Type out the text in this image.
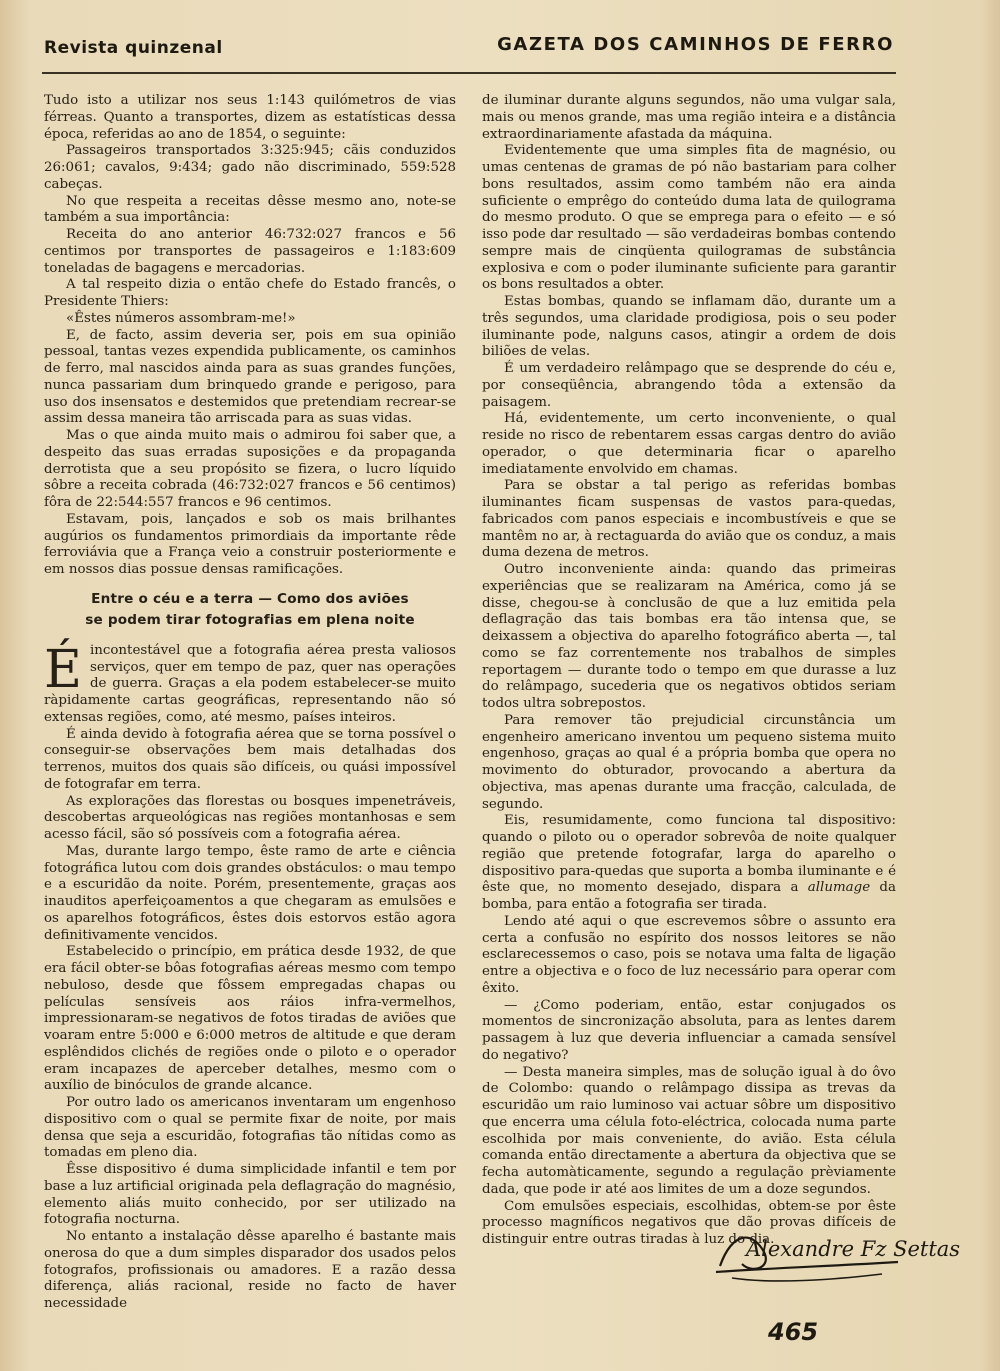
Revista quinzenal	GAZETA DOS CAMINHOS DE FERRO

Tudo isto a utilizar nos seus 1:143 quilómetros de vias férreas. Quanto a transportes, dizem as estatísticas dessa época, referidas ao ano de 1854, o seguinte:

Passageiros transportados 3:325:945; cãis conduzidos 26:061; cavalos, 9:434; gado não discriminado, 559:528 cabeças.

No que respeita a receitas dêsse mesmo ano, note-se também a sua importância:

Receita do ano anterior 46:732:027 francos e 56 centimos por transportes de passageiros e 1:183:609 toneladas de bagagens e mercadorias.

A tal respeito dizia o então chefe do Estado francês, o Presidente Thiers:

«Êstes números assombram-me!»

E, de facto, assim deveria ser, pois em sua opinião pessoal, tantas vezes expendida publicamente, os caminhos de ferro, mal nascidos ainda para as suas grandes funções, nunca passariam dum brinquedo grande e perigoso, para uso dos insensatos e destemidos que pretendiam recrear-se assim dessa maneira tão arriscada para as suas vidas.

Mas o que ainda muito mais o admirou foi saber que, a despeito das suas erradas suposições e da propaganda derrotista que a seu propósito se fizera, o lucro líquido sôbre a receita cobrada (46:732:027 francos e 56 centimos) fôra de 22:544:557 francos e 96 centimos.

Estavam, pois, lançados e sob os mais brilhantes augúrios os fundamentos primordiais da importante rêde ferroviávia que a França veio a construir posteriormente e em nossos dias possue densas ramificações.

Entre o céu e a terra — Como dos aviões
se podem tirar fotografias em plena noite
É incontestável que a fotografia aérea presta valiosos serviços, quer em tempo de paz, quer nas operações de guerra. Graças a ela podem estabelecer-se muito ràpidamente cartas geográficas, representando não só extensas regiões, como, até mesmo, países inteiros.

É ainda devido à fotografia aérea que se torna possível o conseguir-se observações bem mais detalhadas dos terrenos, muitos dos quais são difíceis, ou quási impossível de fotografar em terra.

As explorações das florestas ou bosques impenetráveis, descobertas arqueológicas nas regiões montanhosas e sem acesso fácil, são só possíveis com a fotografia aérea.

Mas, durante largo tempo, êste ramo de arte e ciência fotográfica lutou com dois grandes obstáculos: o mau tempo e a escuridão da noite. Porém, presentemente, graças aos inauditos aperfeiçoamentos a que chegaram as emulsões e os aparelhos fotográficos, êstes dois estorvos estão agora definitivamente vencidos.

Estabelecido o princípio, em prática desde 1932, de que era fácil obter-se bôas fotografias aéreas mesmo com tempo nebuloso, desde que fôssem empregadas chapas ou películas sensíveis aos ráios infra-vermelhos, impressionaram-se negativos de fotos tiradas de aviões que voaram entre 5:000 e 6:000 metros de altitude e que deram esplêndidos clichés de regiões onde o piloto e o operador eram incapazes de aperceber detalhes, mesmo com o auxílio de binóculos de grande alcance.

Por outro lado os americanos inventaram um engenhoso dispositivo com o qual se permite fixar de noite, por mais densa que seja a escuridão, fotografias tão nítidas como as tomadas em pleno dia.

Êsse dispositivo é duma simplicidade infantil e tem por base a luz artificial originada pela deflagração do magnésio, elemento aliás muito conhecido, por ser utilizado na fotografia nocturna.

No entanto a instalação dêsse aparelho é bastante mais onerosa do que a dum simples disparador dos usados pelos fotografos, profissionais ou amadores. E a razão dessa diferença, aliás racional, reside no facto de haver necessidade

de iluminar durante alguns segundos, não uma vulgar sala, mais ou menos grande, mas uma região inteira e a distância extraordinariamente afastada da máquina.

Evidentemente que uma simples fita de magnésio, ou umas centenas de gramas de pó não bastariam para colher bons resultados, assim como também não era ainda suficiente o emprêgo do conteúdo duma lata de quilograma do mesmo produto. O que se emprega para o efeito — e só isso pode dar resultado — são verdadeiras bombas contendo sempre mais de cinqüenta quilogramas de substância explosiva e com o poder iluminante suficiente para garantir os bons resultados a obter.

Estas bombas, quando se inflamam dão, durante um a três segundos, uma claridade prodigiosa, pois o seu poder iluminante pode, nalguns casos, atingir a ordem de dois biliões de velas.

É um verdadeiro relâmpago que se desprende do céu e, por conseqüência, abrangendo tôda a extensão da paisagem.

Há, evidentemente, um certo inconveniente, o qual reside no risco de rebentarem essas cargas dentro do avião operador, o que determinaria ficar o aparelho imediatamente envolvido em chamas.

Para se obstar a tal perigo as referidas bombas iluminantes ficam suspensas de vastos para-quedas, fabricados com panos especiais e incombustíveis e que se mantêm no ar, à rectaguarda do avião que os conduz, a mais duma dezena de metros.

Outro inconveniente ainda: quando das primeiras experiências que se realizaram na América, como já se disse, chegou-se à conclusão de que a luz emitida pela deflagração das tais bombas era tão intensa que, se deixassem a objectiva do aparelho fotográfico aberta —, tal como se faz correntemente nos trabalhos de simples reportagem — durante todo o tempo em que durasse a luz do relâmpago, sucederia que os negativos obtidos seriam todos ultra sobrepostos.

Para remover tão prejudicial circunstância um engenheiro americano inventou um pequeno sistema muito engenhoso, graças ao qual é a própria bomba que opera no movimento do obturador, provocando a abertura da objectiva, mas apenas durante uma fracção, calculada, de segundo.

Eis, resumidamente, como funciona tal dispositivo: quando o piloto ou o operador sobrevôa de noite qualquer região que pretende fotografar, larga do aparelho o dispositivo para-quedas que suporta a bomba iluminante e é êste que, no momento desejado, dispara a allumage da bomba, para então a fotografia ser tirada.

Lendo até aqui o que escrevemos sôbre o assunto era certa a confusão no espírito dos nossos leitores se não esclarecessemos o caso, pois se notava uma falta de ligação entre a objectiva e o foco de luz necessário para operar com êxito.

— ¿Como poderiam, então, estar conjugados os momentos de sincronização absoluta, para as lentes darem passagem à luz que deveria influenciar a camada sensível do negativo?

— Desta maneira simples, mas de solução igual à do ôvo de Colombo: quando o relâmpago dissipa as trevas da escuridão um raio luminoso vai actuar sôbre um dispositivo que encerra uma célula foto-eléctrica, colocada numa parte escolhida por mais conveniente, do avião. Esta célula comanda então directamente a abertura da objectiva que se fecha automàticamente, segundo a regulação prèviamente dada, que pode ir até aos limites de um a doze segundos.

Com emulsões especiais, escolhidas, obtem-se por êste processo magníficos negativos que dão provas difíceis de distinguir entre outras tiradas à luz do dia.

Alexandre Fz Settas
465
